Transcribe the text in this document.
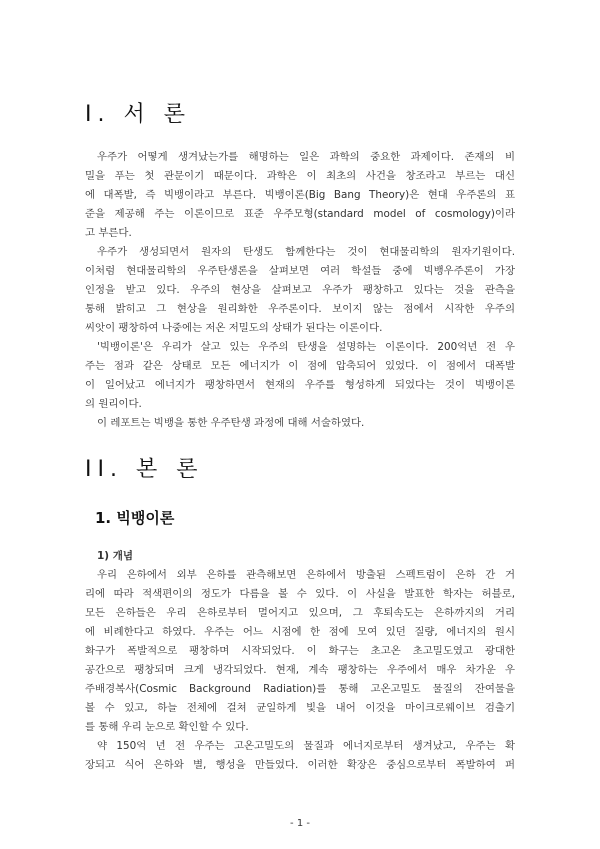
I. 서 론
우주가 어떻게 생겨났는가를 해명하는 일은 과학의 중요한 과제이다. 존재의 비
밀을 푸는 첫 관문이기 때문이다. 과학은 이 최초의 사건을 창조라고 부르는 대신
에 대폭발, 즉 빅뱅이라고 부른다. 빅뱅이론(Big Bang Theory)은 현대 우주론의 표
준을 제공해 주는 이론이므로 표준 우주모형(standard model of cosmology)이라
고 부른다.
우주가 생성되면서 원자의 탄생도 함께한다는 것이 현대물리학의 원자기원이다.
이처럼 현대물리학의 우주탄생론을 살펴보면 여러 학설들 중에 빅뱅우주론이 가장
인정을 받고 있다. 우주의 현상을 살펴보고 우주가 팽창하고 있다는 것을 관측을
통해 밝히고 그 현상을 원리화한 우주론이다. 보이지 않는 점에서 시작한 우주의
씨앗이 팽창하여 나중에는 저온 저밀도의 상태가 된다는 이론이다.
'빅뱅이론'은 우리가 살고 있는 우주의 탄생을 설명하는 이론이다. 200억년 전 우
주는 점과 같은 상태로 모든 에너지가 이 점에 압축되어 있었다. 이 점에서 대폭발
이 일어났고 에너지가 팽창하면서 현재의 우주를 형성하게 되었다는 것이 빅뱅이론
의 원리이다.
이 레포트는 빅뱅을 통한 우주탄생 과정에 대해 서술하였다.
II. 본 론
1. 빅뱅이론
1) 개념
우리 은하에서 외부 은하를 관측해보면 은하에서 방출된 스펙트럼이 은하 간 거
리에 따라 적색편이의 정도가 다름을 볼 수 있다. 이 사실을 발표한 학자는 허블로,
모든 은하들은 우리 은하로부터 멀어지고 있으며, 그 후퇴속도는 은하까지의 거리
에 비례한다고 하였다. 우주는 어느 시점에 한 점에 모여 있던 질량, 에너지의 원시
화구가 폭발적으로 팽창하며 시작되었다. 이 화구는 초고온 초고밀도였고 광대한
공간으로 팽창되며 크게 냉각되었다. 현재, 계속 팽창하는 우주에서 매우 차가운 우
주배경복사(Cosmic Background Radiation)를 통해 고온고밀도 물질의 잔여물을
볼 수 있고, 하늘 전체에 걸쳐 균일하게 빛을 내어 이것을 마이크로웨이브 검출기
를 통해 우리 눈으로 확인할 수 있다.
약 150억 년 전 우주는 고온고밀도의 물질과 에너지로부터 생겨났고, 우주는 확
장되고 식어 은하와 별, 행성을 만들었다. 이러한 확장은 중심으로부터 폭발하여 퍼
- 1 -
